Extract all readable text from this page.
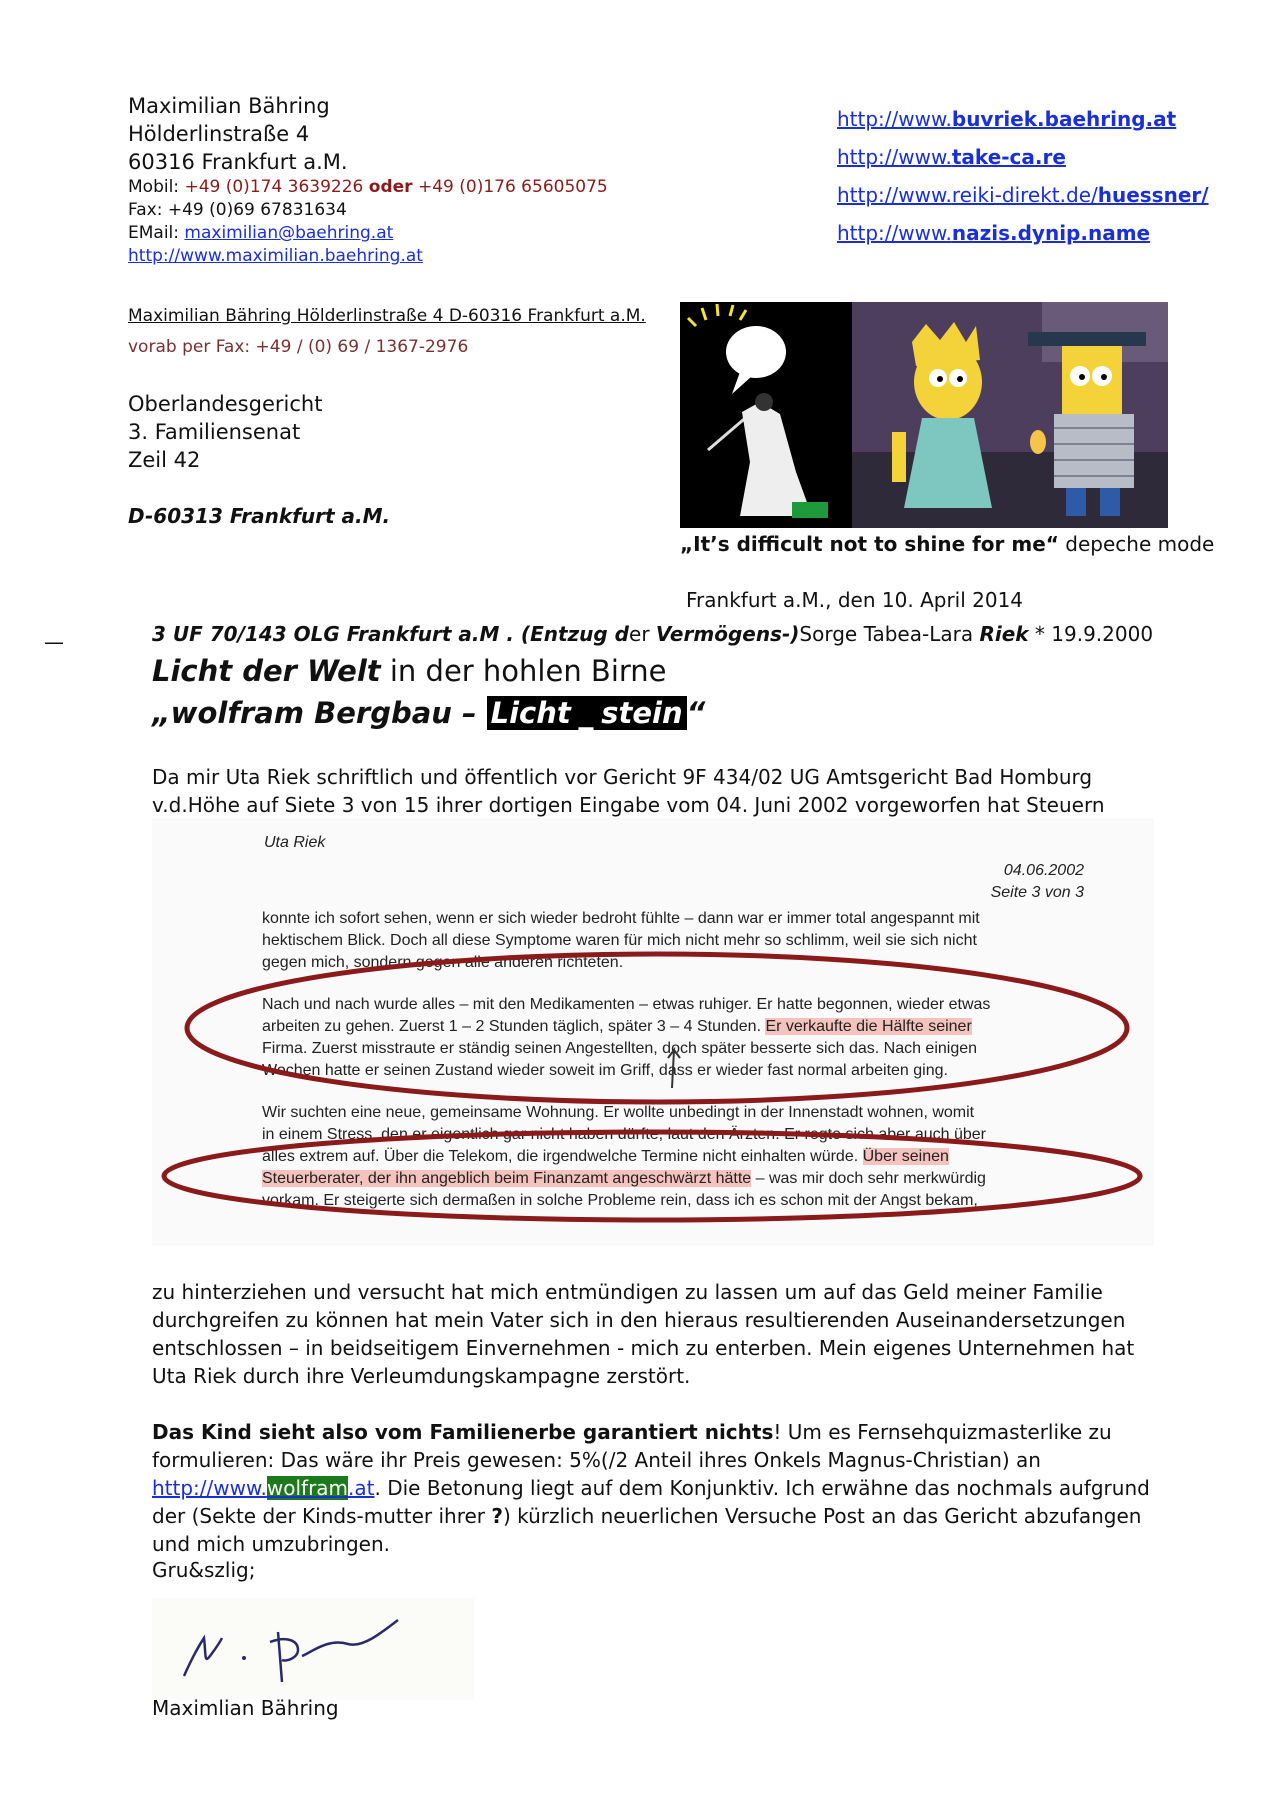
—
Maximilian Bähring
Hölderlinstraße 4
60316 Frankfurt a.M.
Mobil: +49 (0)174 3639226 oder +49 (0)176 65605075
Fax: +49 (0)69 67831634
EMail: maximilian@baehring.at
http://www.maximilian.baehring.at
http://www.buvriek.baehring.at
http://www.take-ca.re
http://www.reiki-direkt.de/huessner/
http://www.nazis.dynip.name
Maximilian Bähring Hölderlinstraße 4 D-60316 Frankfurt a.M.
vorab per Fax: +49 / (0) 69 / 1367-2976
Oberlandesgericht
3. Familiensenat
Zeil 42
D-60313 Frankfurt a.M.
„It’s difficult not to shine for me“ depeche mode
Frankfurt a.M., den 10. April 2014
3 UF 70/143 OLG Frankfurt a.M . (Entzug der Vermögens-)Sorge Tabea-Lara Riek * 19.9.2000
Licht der Welt in der hohlen Birne
„wolfram Bergbau – Licht _ stein “
Da mir Uta Riek schriftlich und öffentlich vor Gericht 9F 434/02 UG Amtsgericht Bad Homburg v.d.Höhe auf Siete 3 von 15 ihrer dortigen Eingabe vom 04. Juni 2002 vorgeworfen hat Steuern
Uta Riek
04.06.2002
Seite 3 von 3
konnte ich sofort sehen, wenn er sich wieder bedroht fühlte – dann war er immer total angespannt mit
hektischem Blick. Doch all diese Symptome waren für mich nicht mehr so schlimm, weil sie sich nicht
gegen mich, sondern gegen alle anderen richteten.
Nach und nach wurde alles – mit den Medikamenten – etwas ruhiger. Er hatte begonnen, wieder etwas
arbeiten zu gehen. Zuerst 1 – 2 Stunden täglich, später 3 – 4 Stunden. Er verkaufte die Hälfte seiner
Firma. Zuerst misstraute er ständig seinen Angestellten, doch später besserte sich das. Nach einigen
Wochen hatte er seinen Zustand wieder soweit im Griff, dass er wieder fast normal arbeiten ging.
Wir suchten eine neue, gemeinsame Wohnung. Er wollte unbedingt in der Innenstadt wohnen, womit
in einem Stress, den er eigentlich gar nicht haben dürfte, laut den Ärzten. Er regte sich aber auch über
alles extrem auf. Über die Telekom, die irgendwelche Termine nicht einhalten würde. Über seinen
Steuerberater, der ihn angeblich beim Finanzamt angeschwärzt hätte – was mir doch sehr merkwürdig
vorkam. Er steigerte sich dermaßen in solche Probleme rein, dass ich es schon mit der Angst bekam,
zu hinterziehen und versucht hat mich entmündigen zu lassen um auf das Geld meiner Familie durchgreifen zu können hat mein Vater sich in den hieraus resultierenden Auseinandersetzungen entschlossen – in beidseitigem Einvernehmen - mich zu enterben. Mein eigenes Unternehmen hat Uta Riek durch ihre Verleumdungskampagne zerstört.
Das Kind sieht also vom Familienerbe garantiert nichts! Um es Fernsehquizmasterlike zu formulieren: Das wäre ihr Preis gewesen: 5%(/2 Anteil ihres Onkels Magnus-Christian) an http://www.wolfram.at. Die Betonung liegt auf dem Konjunktiv. Ich erwähne das nochmals aufgrund der (Sekte der Kinds-mutter ihrer ?) kürzlich neuerlichen Versuche Post an das Gericht abzufangen und mich umzubringen.
Gru&szlig;
Maximlian Bähring
